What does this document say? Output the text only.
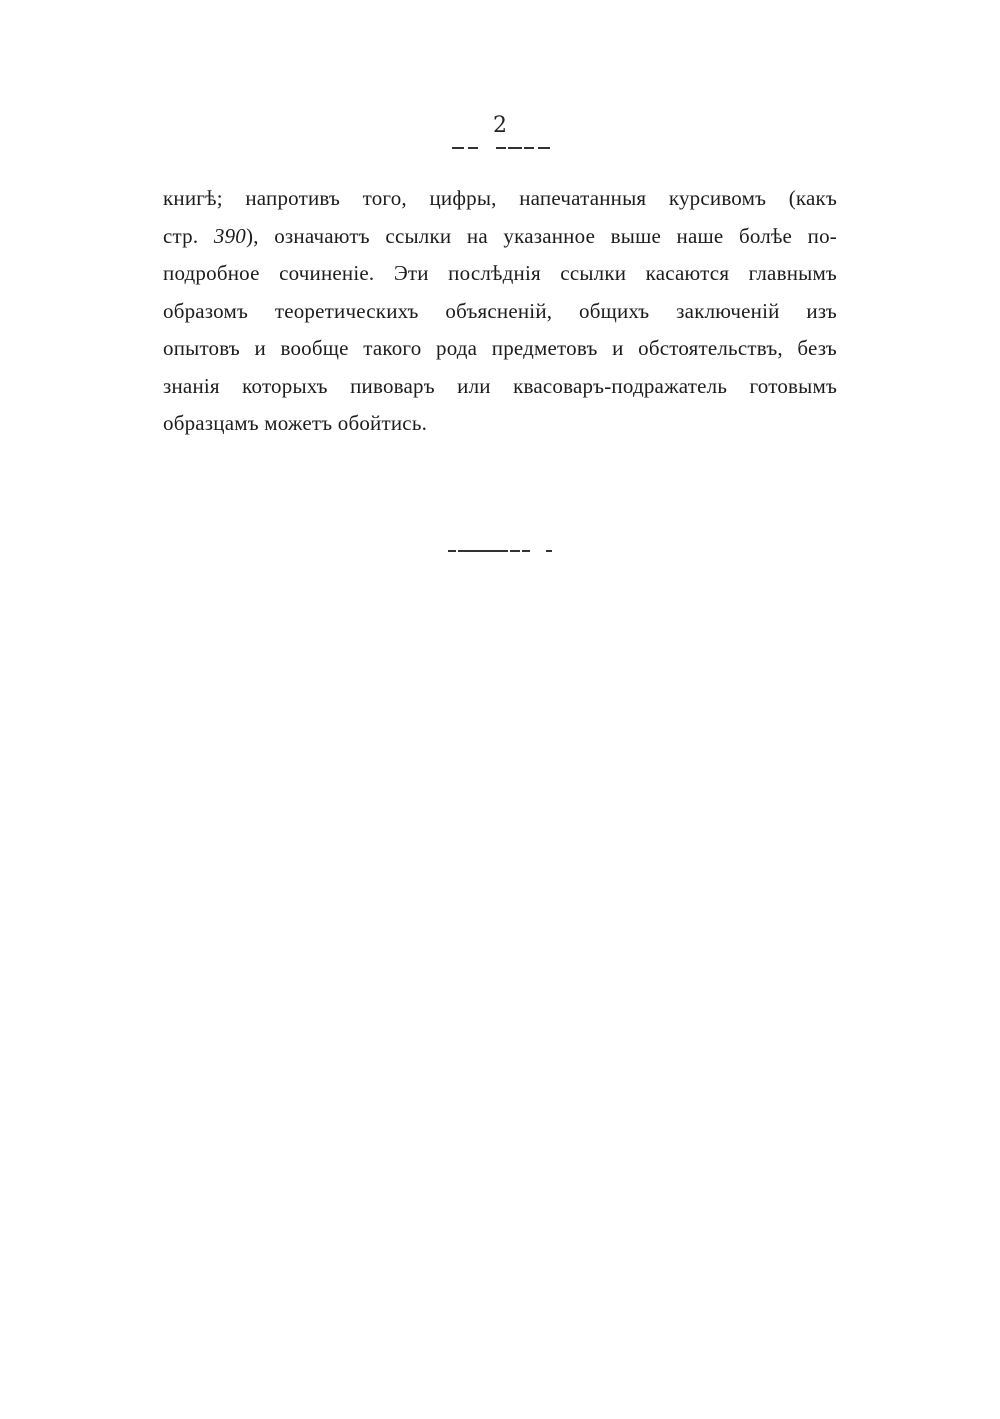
2
книгѣ; напротивъ того, цифры, напечатанныя курсивомъ (какъ
стр. 390), означаютъ ссылки на указанное выше наше болѣе по-
подробное сочиненіе. Эти послѣднія ссылки касаются главнымъ
образомъ теоретическихъ объясненій, общихъ заключеній изъ
опытовъ и вообще такого рода предметовъ и обстоятельствъ, безъ
знанія которыхъ пивоваръ или квасоваръ-подражатель готовымъ
образцамъ можетъ обойтись.
